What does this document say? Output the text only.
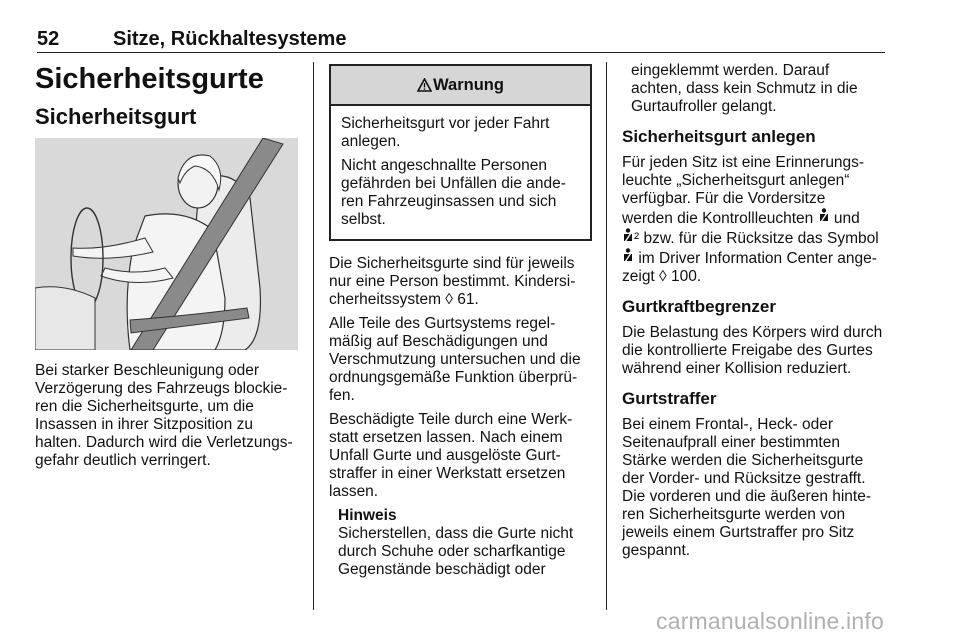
52	Sitze, Rückhaltesysteme
Sicherheitsgurte
Sicherheitsgurt

Bei starker Beschleunigung oder
Verzögerung des Fahrzeugs blockie-
ren die Sicherheitsgurte, um die
Insassen in ihrer Sitzposition zu
halten. Dadurch wird die Verletzungs-
gefahr deutlich verringert.

Warnung

Sicherheitsgurt vor jeder Fahrt
anlegen.

Nicht angeschnallte Personen
gefährden bei Unfällen die ande-
ren Fahrzeuginsassen und sich
selbst.

Die Sicherheitsgurte sind für jeweils
nur eine Person bestimmt. Kindersi-
cherheitssystem ◊ 61.

Alle Teile des Gurtsystems regel-
mäßig auf Beschädigungen und
Verschmutzung untersuchen und die
ordnungsgemäße Funktion überprü-
fen.

Beschädigte Teile durch eine Werk-
statt ersetzen lassen. Nach einem
Unfall Gurte und ausgelöste Gurt-
straffer in einer Werkstatt ersetzen
lassen.

Hinweis

Sicherstellen, dass die Gurte nicht
durch Schuhe oder scharfkantige
Gegenstände beschädigt oder

eingeklemmt werden. Darauf
achten, dass kein Schmutz in die
Gurtaufroller gelangt.

Sicherheitsgurt anlegen

Für jeden Sitz ist eine Erinnerungs-
leuchte „Sicherheitsgurt anlegen“
verfügbar. Für die Vordersitze
werden die Kontrollleuchten und
² bzw. für die Rücksitze das Symbol
im Driver Information Center ange-
zeigt ◊ 100.

Gurtkraftbegrenzer

Die Belastung des Körpers wird durch
die kontrollierte Freigabe des Gurtes
während einer Kollision reduziert.

Gurtstraffer

Bei einem Frontal-, Heck- oder
Seitenaufprall einer bestimmten
Stärke werden die Sicherheitsgurte
der Vorder- und Rücksitze gestrafft.
Die vorderen und die äußeren hinte-
ren Sicherheitsgurte werden von
jeweils einem Gurtstraffer pro Sitz
gespannt.

carmanualsonline.info
